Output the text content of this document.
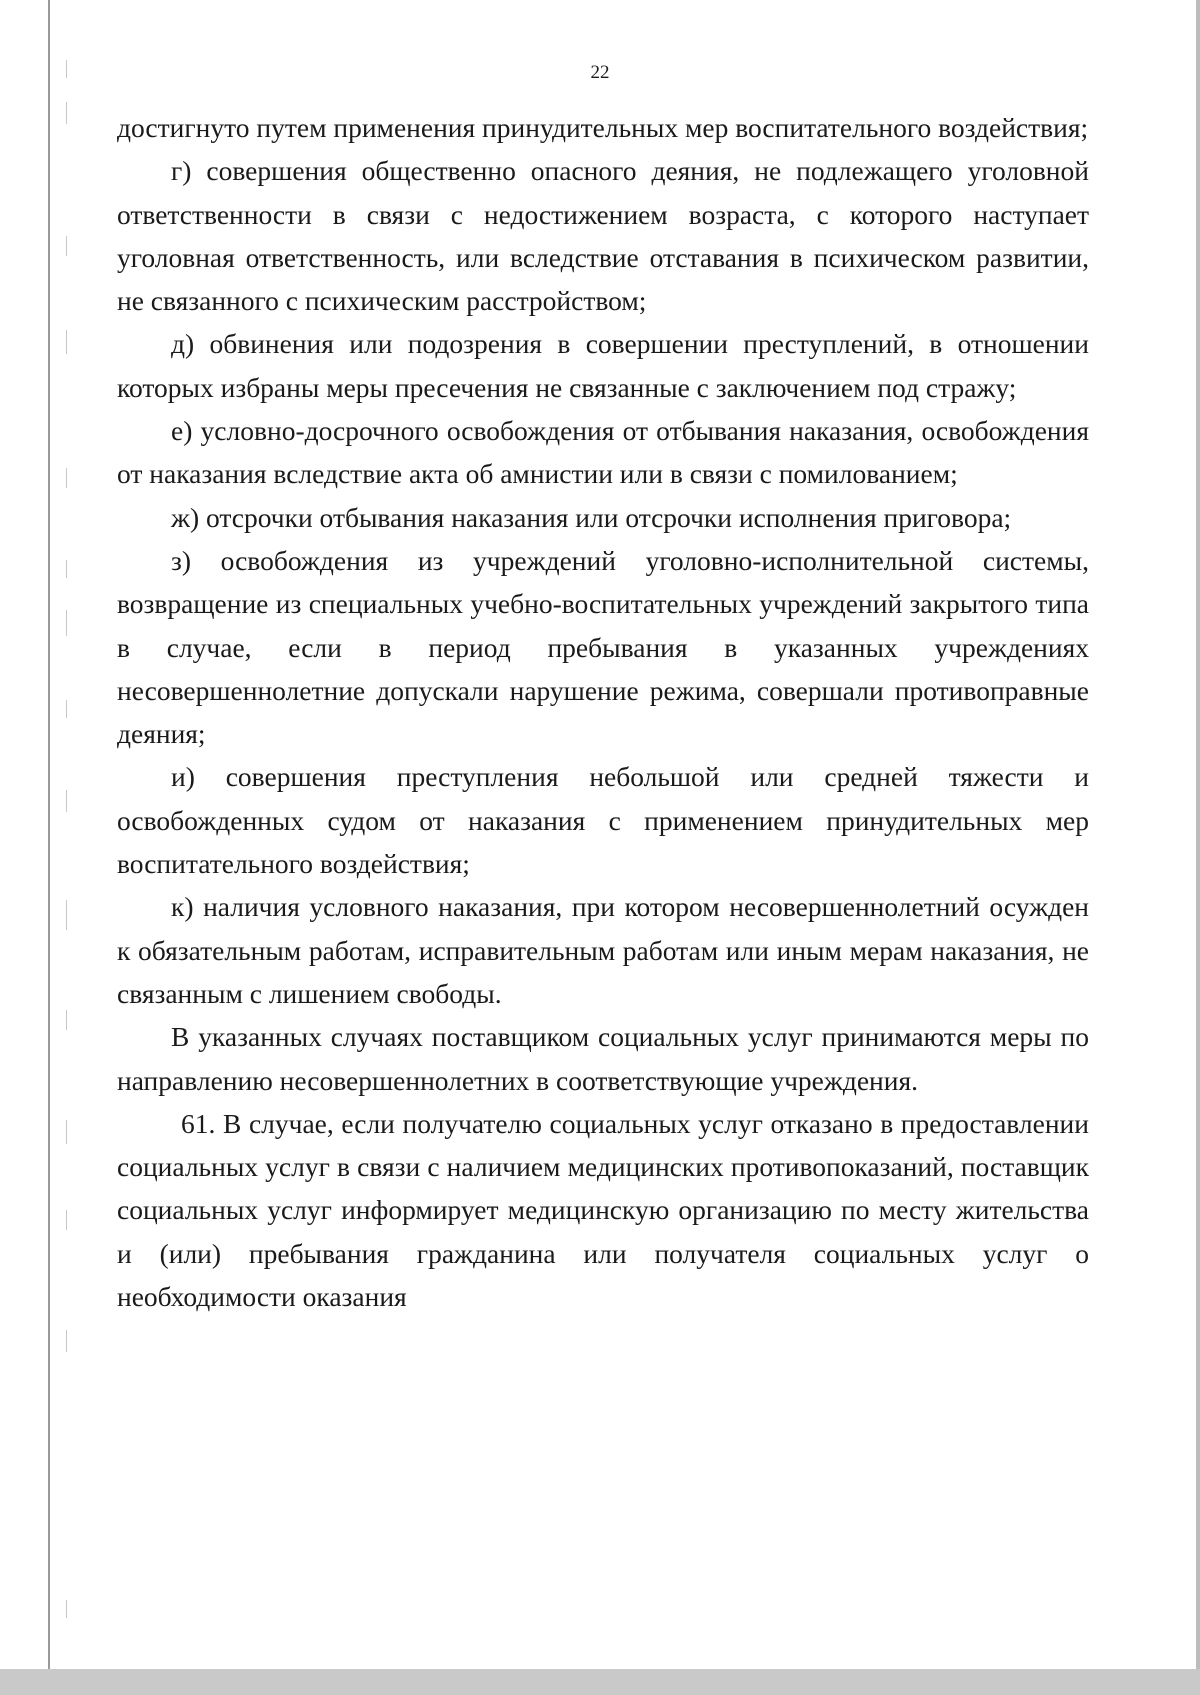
22

достигнуто путем применения принудительных мер воспитательного воздействия;

г) совершения общественно опасного деяния, не подлежащего уголовной ответственности в связи с недостижением возраста, с которого наступает уголовная ответственность, или вследствие отставания в психическом развитии, не связанного с психическим расстройством;

д) обвинения или подозрения в совершении преступлений, в отношении которых избраны меры пресечения не связанные с заключением под стражу;

е) условно-досрочного освобождения от отбывания наказания, освобождения от наказания вследствие акта об амнистии или в связи с помилованием;

ж) отсрочки отбывания наказания или отсрочки исполнения приговора;

з) освобождения из учреждений уголовно-исполнительной системы, возвращение из специальных учебно-воспитательных учреждений закрытого типа в случае, если в период пребывания в указанных учреждениях несовершеннолетние допускали нарушение режима, совершали противоправные деяния;

и) совершения преступления небольшой или средней тяжести и освобожденных судом от наказания с применением принудительных мер воспитательного воздействия;

к) наличия условного наказания, при котором несовершеннолетний осужден к обязательным работам, исправительным работам или иным мерам наказания, не связанным с лишением свободы.

В указанных случаях поставщиком социальных услуг принимаются меры по направлению несовершеннолетних в соответствующие учреждения.

61. В случае, если получателю социальных услуг отказано в предоставлении социальных услуг в связи с наличием медицинских противопоказаний, поставщик социальных услуг информирует медицинскую организацию по месту жительства и (или) пребывания гражданина или получателя социальных услуг о необходимости оказания
